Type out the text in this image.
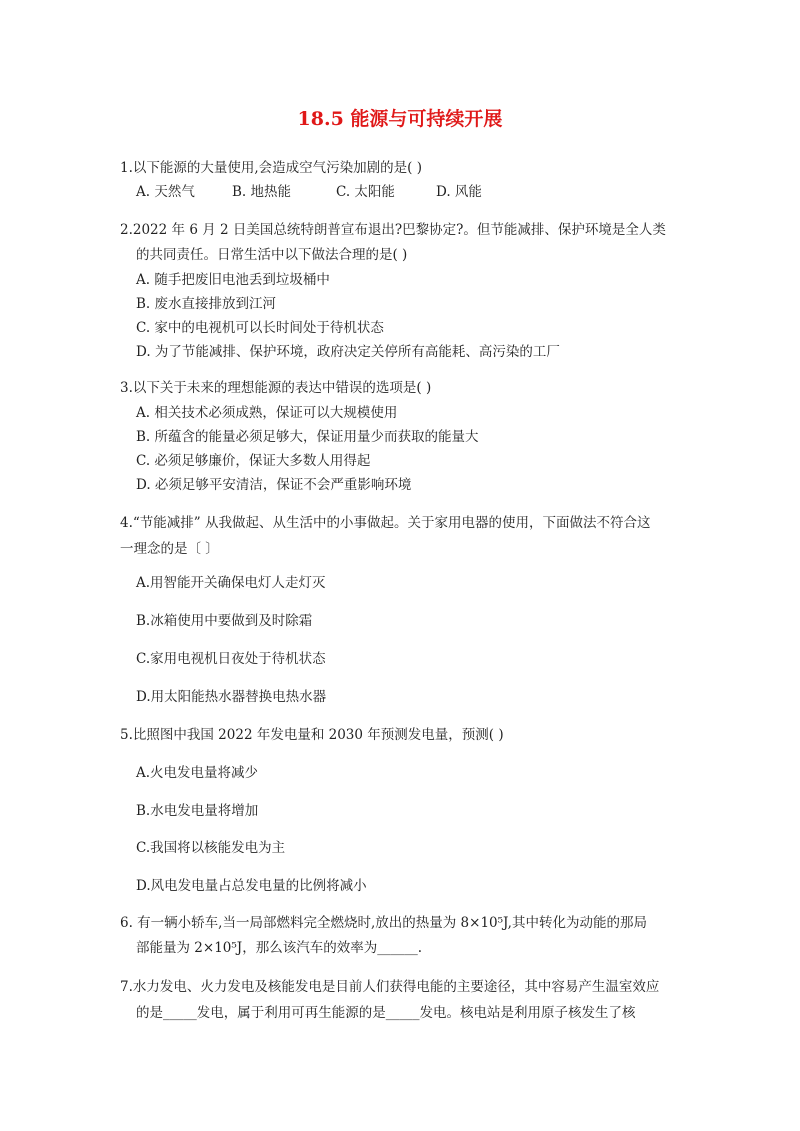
18.5 能源与可持续开展
1.以下能源的大量使用,会造成空气污染加剧的是( )
A. 天然气	B. 地热能	C. 太阳能	D. 风能
2.2022 年 6 月 2 日美国总统特朗普宣布退出?巴黎协定?。但节能减排、保护环境是全人类
的共同责任。日常生活中以下做法合理的是( )
A. 随手把废旧电池丢到垃圾桶中
B. 废水直接排放到江河
C. 家中的电视机可以长时间处于待机状态
D. 为了节能减排、保护环境，政府决定关停所有高能耗、高污染的工厂
3.以下关于未来的理想能源的表达中错误的选项是( )
A. 相关技术必须成熟，保证可以大规模使用
B. 所蕴含的能量必须足够大，保证用量少而获取的能量大
C. 必须足够廉价，保证大多数人用得起
D. 必须足够平安清洁，保证不会严重影响环境
4.“节能减排” 从我做起、从生活中的小事做起。关于家用电器的使用，下面做法不符合这
一理念的是〔 〕
A.用智能开关确保电灯人走灯灭
B.冰箱使用中要做到及时除霜
C.家用电视机日夜处于待机状态
D.用太阳能热水器替换电热水器
5.比照图中我国 2022 年发电量和 2030 年预测发电量，预测( )
A.火电发电量将减少
B.水电发电量将增加
C.我国将以核能发电为主
D.风电发电量占总发电量的比例将减小
6. 有一辆小轿车,当一局部燃料完全燃烧时,放出的热量为 8×10⁵J,其中转化为动能的那局
部能量为 2×10⁵J，那么该汽车的效率为______.
7.水力发电、火力发电及核能发电是目前人们获得电能的主要途径，其中容易产生温室效应
的是_____发电，属于利用可再生能源的是_____发电。核电站是利用原子核发生了核
